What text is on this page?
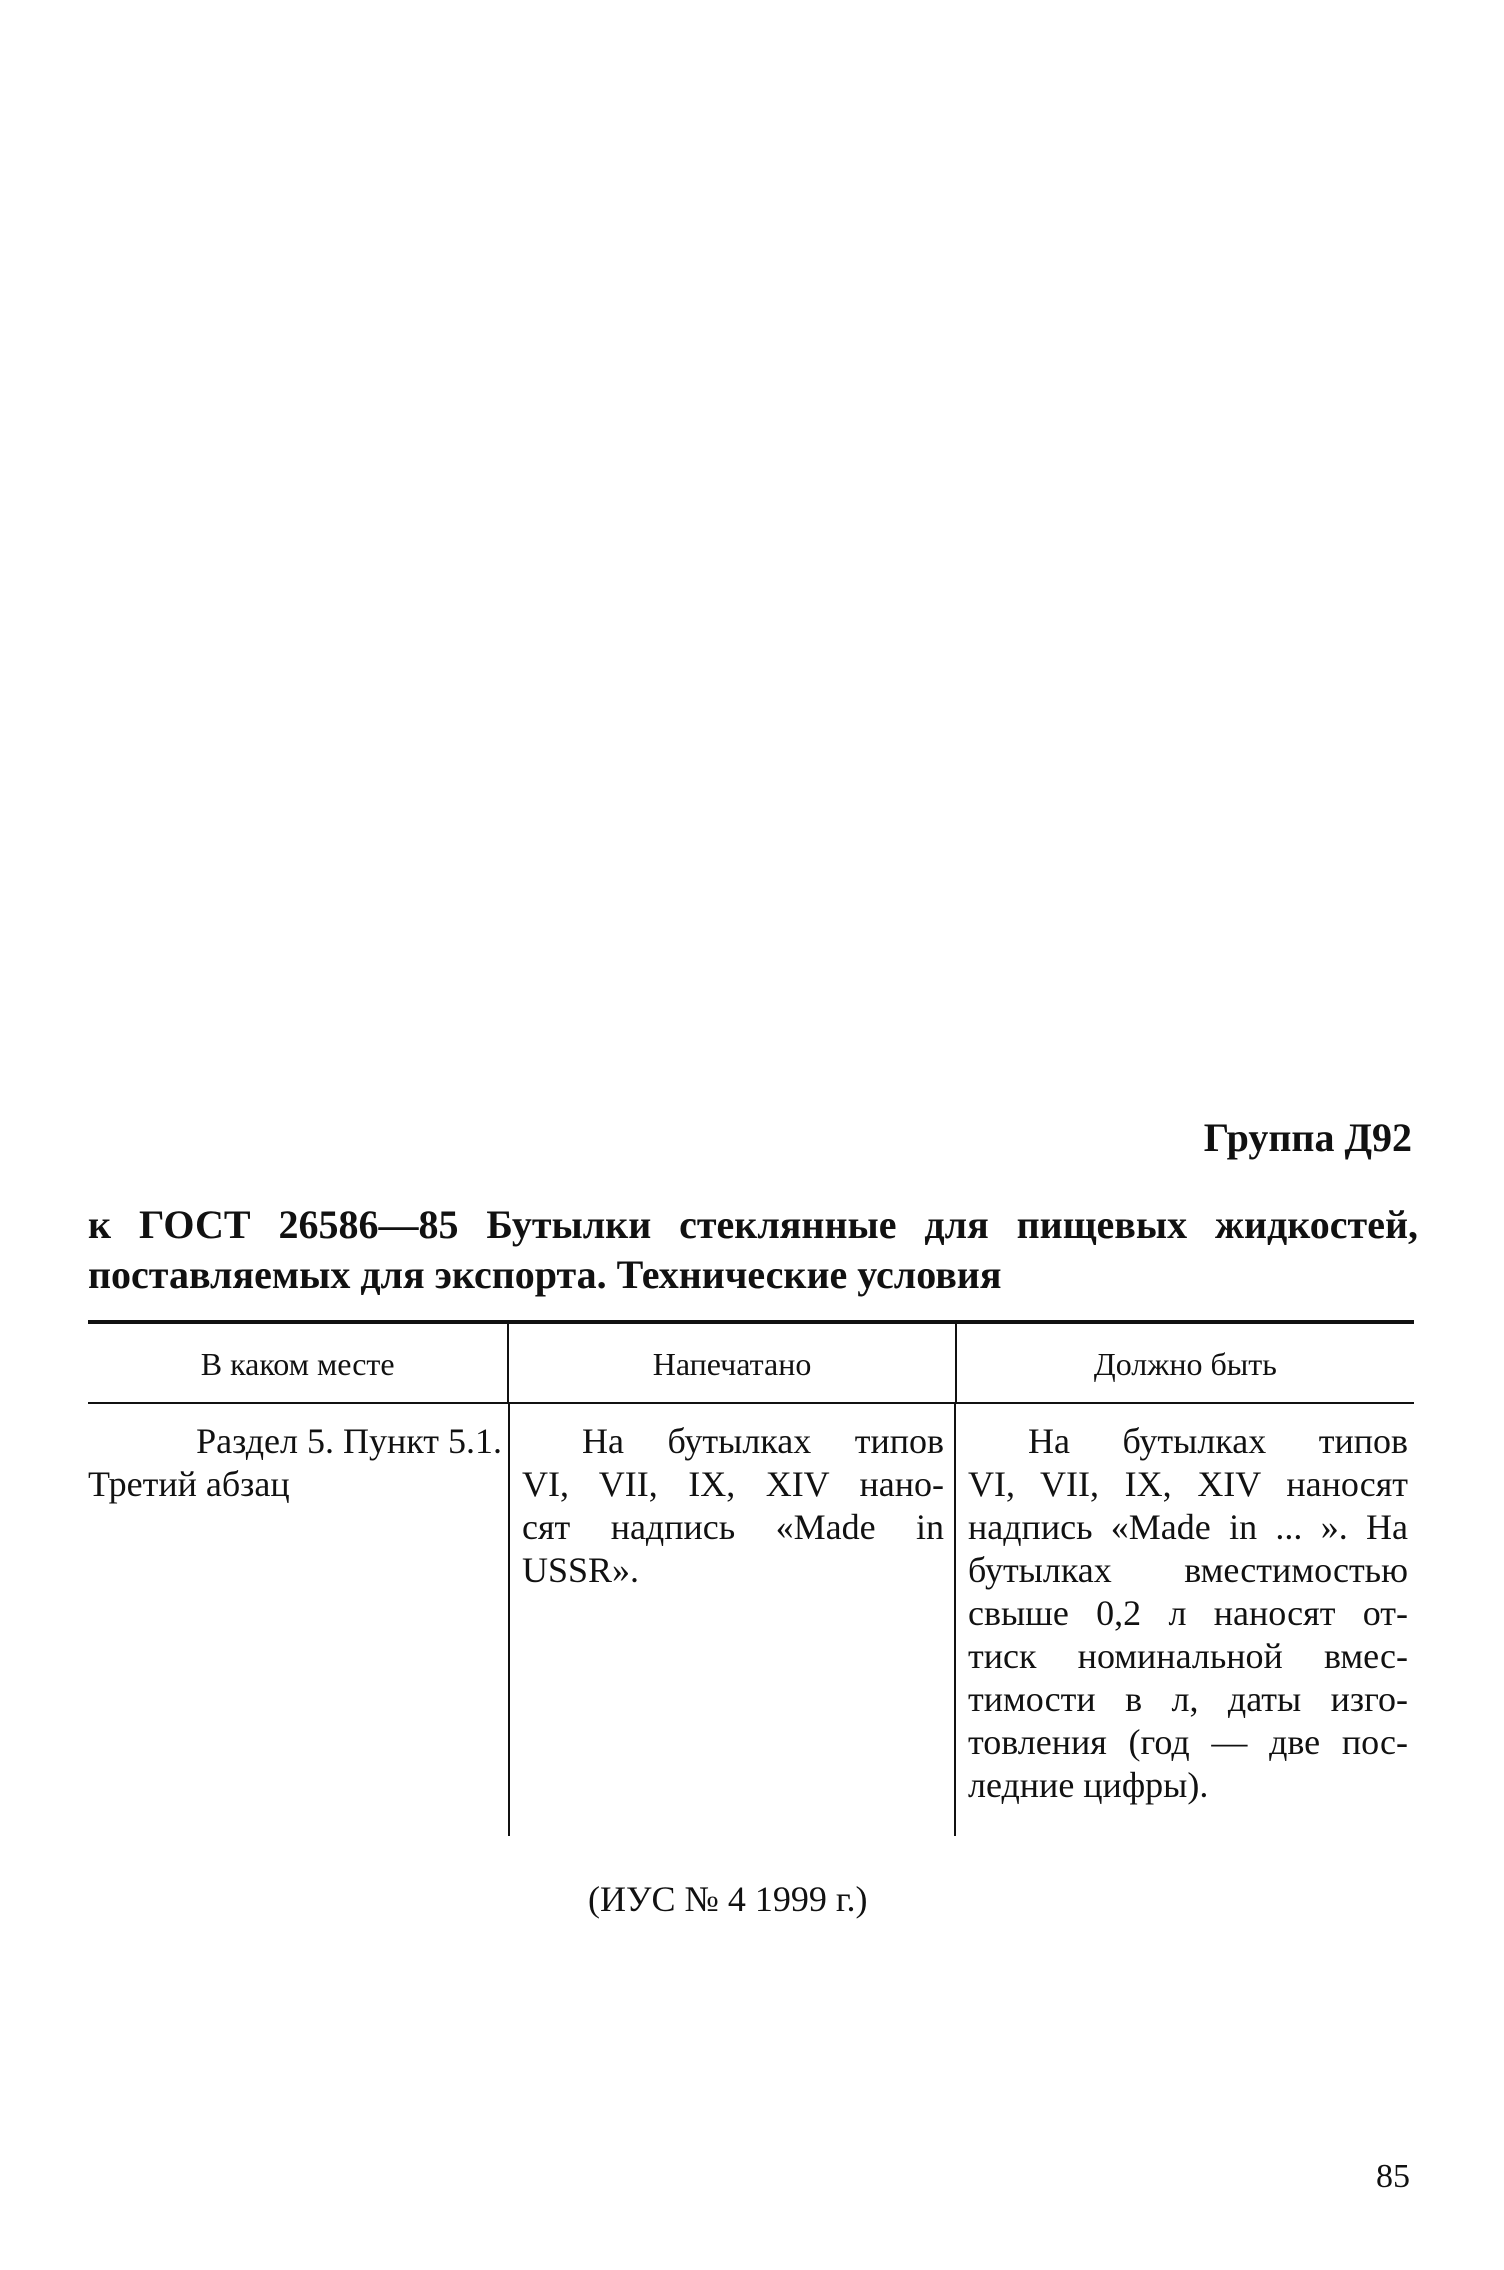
Группа Д92
к ГОСТ 26586—85 Бутылки стеклянные для пищевых жидкостей, поставляемых для экспорта. Технические условия
В каком месте	Напечатано	Должно быть
Раздел 5. Пункт 5.1.
Третий абзац
На бутылках типов
VI, VII, IX, XIV нано-
сят надпись «Made in
USSR».
На бутылках типов
VI, VII, IX, XIV наносят
надпись «Made in ... ». На
бутылках вместимостью
свыше 0,2 л наносят от-
тиск номинальной вмес-
тимости в л, даты изго-
товления (год — две пос-
ледние цифры).
(ИУС № 4 1999 г.)
85
